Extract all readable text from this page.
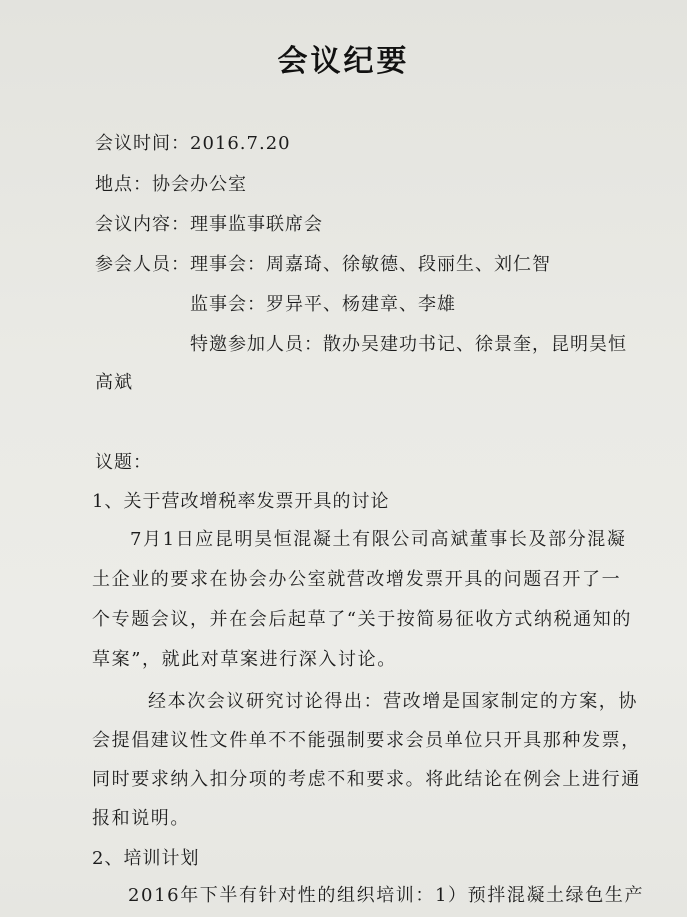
会议纪要
会议时间：2016.7.20
地点：协会办公室
会议内容：理事监事联席会
参会人员： 理事会：周嘉琦、徐敏德、段丽生、刘仁智
监事会：罗异平、杨建章、李雄
特邀参加人员：散办吴建功书记、徐景奎，昆明昊恒
高斌
议题：
1、关于营改增税率发票开具的讨论
7月1日应昆明昊恒混凝土有限公司高斌董事长及部分混凝
土企业的要求在协会办公室就营改增发票开具的问题召开了一
个专题会议，并在会后起草了“关于按简易征收方式纳税通知的
草案”，就此对草案进行深入讨论。
经本次会议研究讨论得出：营改增是国家制定的方案，协
会提倡建议性文件单不不能强制要求会员单位只开具那种发票，
同时要求纳入扣分项的考虑不和要求。将此结论在例会上进行通
报和说明。
2、培训计划
2016年下半有针对性的组织培训：1）预拌混凝土绿色生产
